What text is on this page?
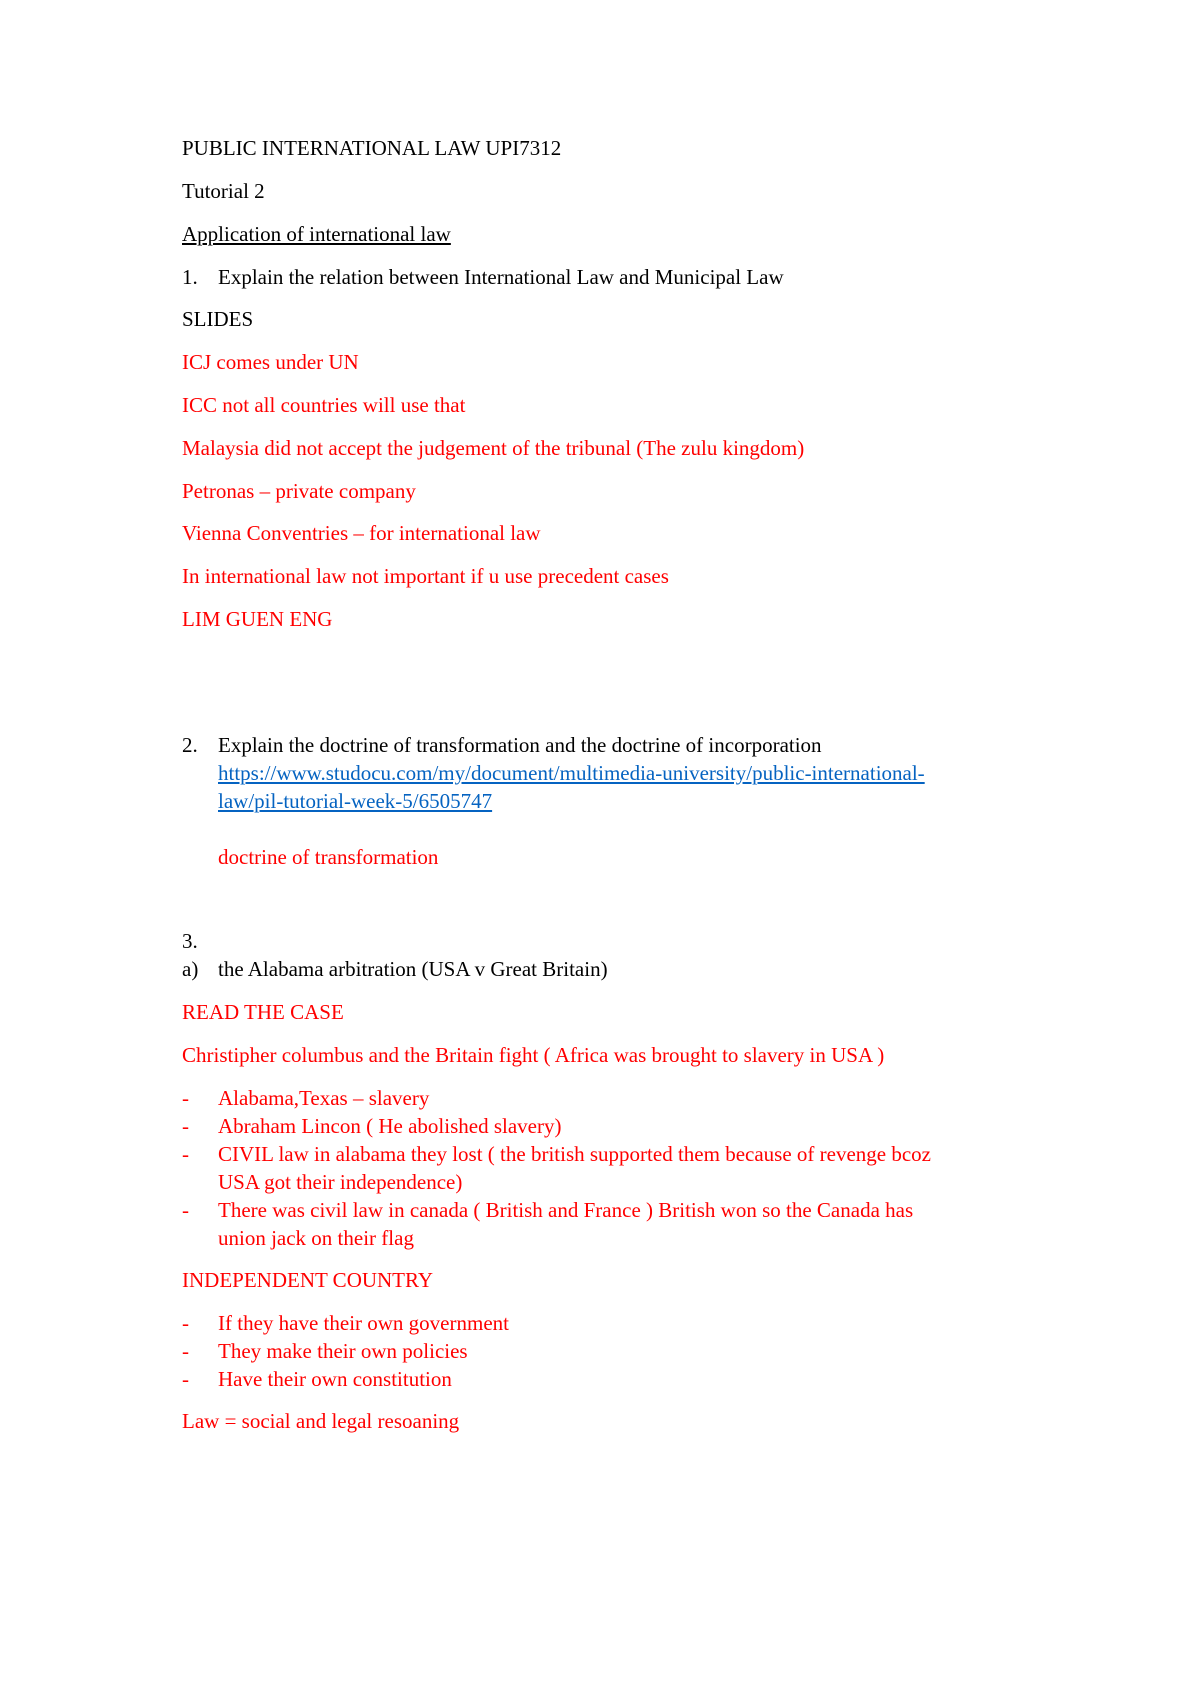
PUBLIC INTERNATIONAL LAW UPI7312

Tutorial 2

Application of international law

1. Explain the relation between International Law and Municipal Law

SLIDES

ICJ comes under UN

ICC not all countries will use that

Malaysia did not accept the judgement of the tribunal (The zulu kingdom)

Petronas – private company

Vienna Conventries – for international law

In international law not important if u use precedent cases

LIM GUEN ENG

2. Explain the doctrine of transformation and the doctrine of incorporation

https://www.studocu.com/my/document/multimedia-university/public-international-

law/pil-tutorial-week-5/6505747

doctrine of transformation

3.

a) the Alabama arbitration (USA v Great Britain)

READ THE CASE

Christipher columbus and the Britain fight ( Africa was brought to slavery in USA )

- Alabama,Texas – slavery
- Abraham Lincon ( He abolished slavery)
- CIVIL law in alabama they lost ( the british supported them because of revenge bcoz
USA got their independence)
- There was civil law in canada ( British and France ) British won so the Canada has
union jack on their flag

INDEPENDENT COUNTRY

- If they have their own government
- They make their own policies
- Have their own constitution

Law = social and legal resoaning
